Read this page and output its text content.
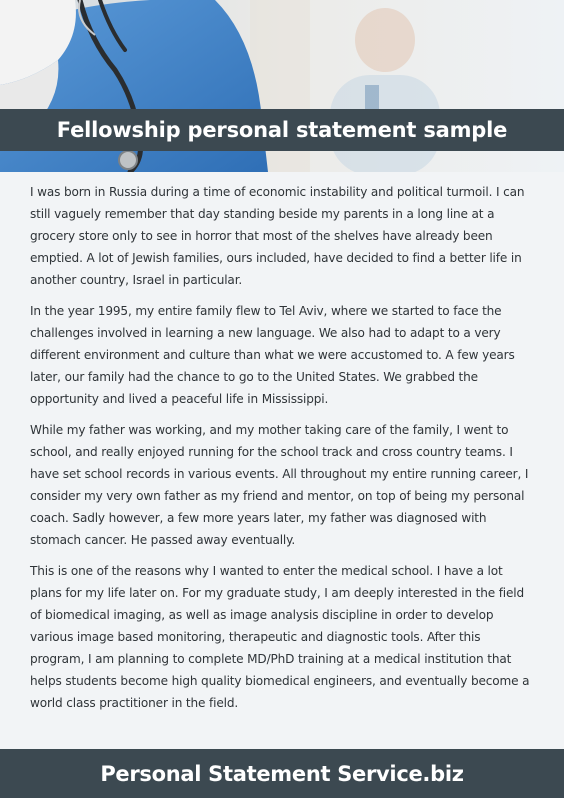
Fellowship personal statement sample

I was born in Russia during a time of economic instability and political turmoil. I can still vaguely remember that day standing beside my parents in a long line at a grocery store only to see in horror that most of the shelves have already been emptied. A lot of Jewish families, ours included, have decided to find a better life in another country, Israel in particular.

In the year 1995, my entire family flew to Tel Aviv, where we started to face the challenges involved in learning a new language. We also had to adapt to a very different environment and culture than what we were accustomed to. A few years later, our family had the chance to go to the United States. We grabbed the opportunity and lived a peaceful life in Mississippi.

While my father was working, and my mother taking care of the family, I went to school, and really enjoyed running for the school track and cross country teams. I have set school records in various events. All throughout my entire running career, I consider my very own father as my friend and mentor, on top of being my personal coach. Sadly however, a few more years later, my father was diagnosed with stomach cancer. He passed away eventually.

This is one of the reasons why I wanted to enter the medical school. I have a lot plans for my life later on. For my graduate study, I am deeply interested in the field of biomedical imaging, as well as image analysis discipline in order to develop various image based monitoring, therapeutic and diagnostic tools. After this program, I am planning to complete MD/PhD training at a medical institution that helps students become high quality biomedical engineers, and eventually become a world class practitioner in the field.

Personal Statement Service.biz
